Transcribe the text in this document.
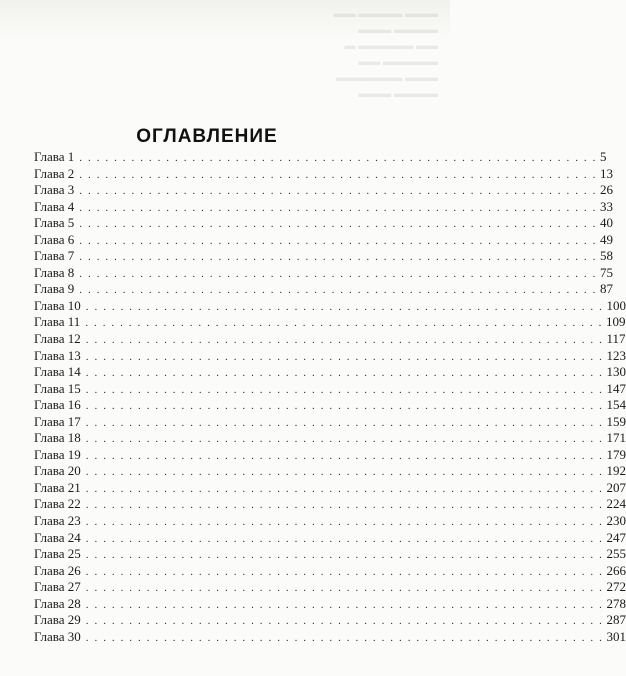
▬▬▬ ▬▬▬▬ ▬▬
▬▬▬▬ ▬▬▬
▬▬ ▬▬▬▬▬ ▬
▬▬▬▬▬ ▬▬
▬▬▬ ▬▬▬▬▬▬
▬▬▬▬ ▬▬▬
ОГЛАВЛЕНИЕ
Глава 1 . . . . . . . . . . . . . . . . . . . . . . . . . . . . . . . . . . . . . . . . . . . . . . . . . . . . . . . . . . . . 5
Глава 2 . . . . . . . . . . . . . . . . . . . . . . . . . . . . . . . . . . . . . . . . . . . . . . . . . . . . . . . . . . . . 13
Глава 3 . . . . . . . . . . . . . . . . . . . . . . . . . . . . . . . . . . . . . . . . . . . . . . . . . . . . . . . . . . . . 26
Глава 4 . . . . . . . . . . . . . . . . . . . . . . . . . . . . . . . . . . . . . . . . . . . . . . . . . . . . . . . . . . . . 33
Глава 5 . . . . . . . . . . . . . . . . . . . . . . . . . . . . . . . . . . . . . . . . . . . . . . . . . . . . . . . . . . . . 40
Глава 6 . . . . . . . . . . . . . . . . . . . . . . . . . . . . . . . . . . . . . . . . . . . . . . . . . . . . . . . . . . . . 49
Глава 7 . . . . . . . . . . . . . . . . . . . . . . . . . . . . . . . . . . . . . . . . . . . . . . . . . . . . . . . . . . . . 58
Глава 8 . . . . . . . . . . . . . . . . . . . . . . . . . . . . . . . . . . . . . . . . . . . . . . . . . . . . . . . . . . . . 75
Глава 9 . . . . . . . . . . . . . . . . . . . . . . . . . . . . . . . . . . . . . . . . . . . . . . . . . . . . . . . . . . . . 87
Глава 10 . . . . . . . . . . . . . . . . . . . . . . . . . . . . . . . . . . . . . . . . . . . . . . . . . . . . . . . . . . . . 100
Глава 11 . . . . . . . . . . . . . . . . . . . . . . . . . . . . . . . . . . . . . . . . . . . . . . . . . . . . . . . . . . . . 109
Глава 12 . . . . . . . . . . . . . . . . . . . . . . . . . . . . . . . . . . . . . . . . . . . . . . . . . . . . . . . . . . . . 117
Глава 13 . . . . . . . . . . . . . . . . . . . . . . . . . . . . . . . . . . . . . . . . . . . . . . . . . . . . . . . . . . . . 123
Глава 14 . . . . . . . . . . . . . . . . . . . . . . . . . . . . . . . . . . . . . . . . . . . . . . . . . . . . . . . . . . . . 130
Глава 15 . . . . . . . . . . . . . . . . . . . . . . . . . . . . . . . . . . . . . . . . . . . . . . . . . . . . . . . . . . . . 147
Глава 16 . . . . . . . . . . . . . . . . . . . . . . . . . . . . . . . . . . . . . . . . . . . . . . . . . . . . . . . . . . . . 154
Глава 17 . . . . . . . . . . . . . . . . . . . . . . . . . . . . . . . . . . . . . . . . . . . . . . . . . . . . . . . . . . . . 159
Глава 18 . . . . . . . . . . . . . . . . . . . . . . . . . . . . . . . . . . . . . . . . . . . . . . . . . . . . . . . . . . . . 171
Глава 19 . . . . . . . . . . . . . . . . . . . . . . . . . . . . . . . . . . . . . . . . . . . . . . . . . . . . . . . . . . . . 179
Глава 20 . . . . . . . . . . . . . . . . . . . . . . . . . . . . . . . . . . . . . . . . . . . . . . . . . . . . . . . . . . . . 192
Глава 21 . . . . . . . . . . . . . . . . . . . . . . . . . . . . . . . . . . . . . . . . . . . . . . . . . . . . . . . . . . . . 207
Глава 22 . . . . . . . . . . . . . . . . . . . . . . . . . . . . . . . . . . . . . . . . . . . . . . . . . . . . . . . . . . . . 224
Глава 23 . . . . . . . . . . . . . . . . . . . . . . . . . . . . . . . . . . . . . . . . . . . . . . . . . . . . . . . . . . . . 230
Глава 24 . . . . . . . . . . . . . . . . . . . . . . . . . . . . . . . . . . . . . . . . . . . . . . . . . . . . . . . . . . . . 247
Глава 25 . . . . . . . . . . . . . . . . . . . . . . . . . . . . . . . . . . . . . . . . . . . . . . . . . . . . . . . . . . . . 255
Глава 26 . . . . . . . . . . . . . . . . . . . . . . . . . . . . . . . . . . . . . . . . . . . . . . . . . . . . . . . . . . . . 266
Глава 27 . . . . . . . . . . . . . . . . . . . . . . . . . . . . . . . . . . . . . . . . . . . . . . . . . . . . . . . . . . . . 272
Глава 28 . . . . . . . . . . . . . . . . . . . . . . . . . . . . . . . . . . . . . . . . . . . . . . . . . . . . . . . . . . . . 278
Глава 29 . . . . . . . . . . . . . . . . . . . . . . . . . . . . . . . . . . . . . . . . . . . . . . . . . . . . . . . . . . . . 287
Глава 30 . . . . . . . . . . . . . . . . . . . . . . . . . . . . . . . . . . . . . . . . . . . . . . . . . . . . . . . . . . . . 301
